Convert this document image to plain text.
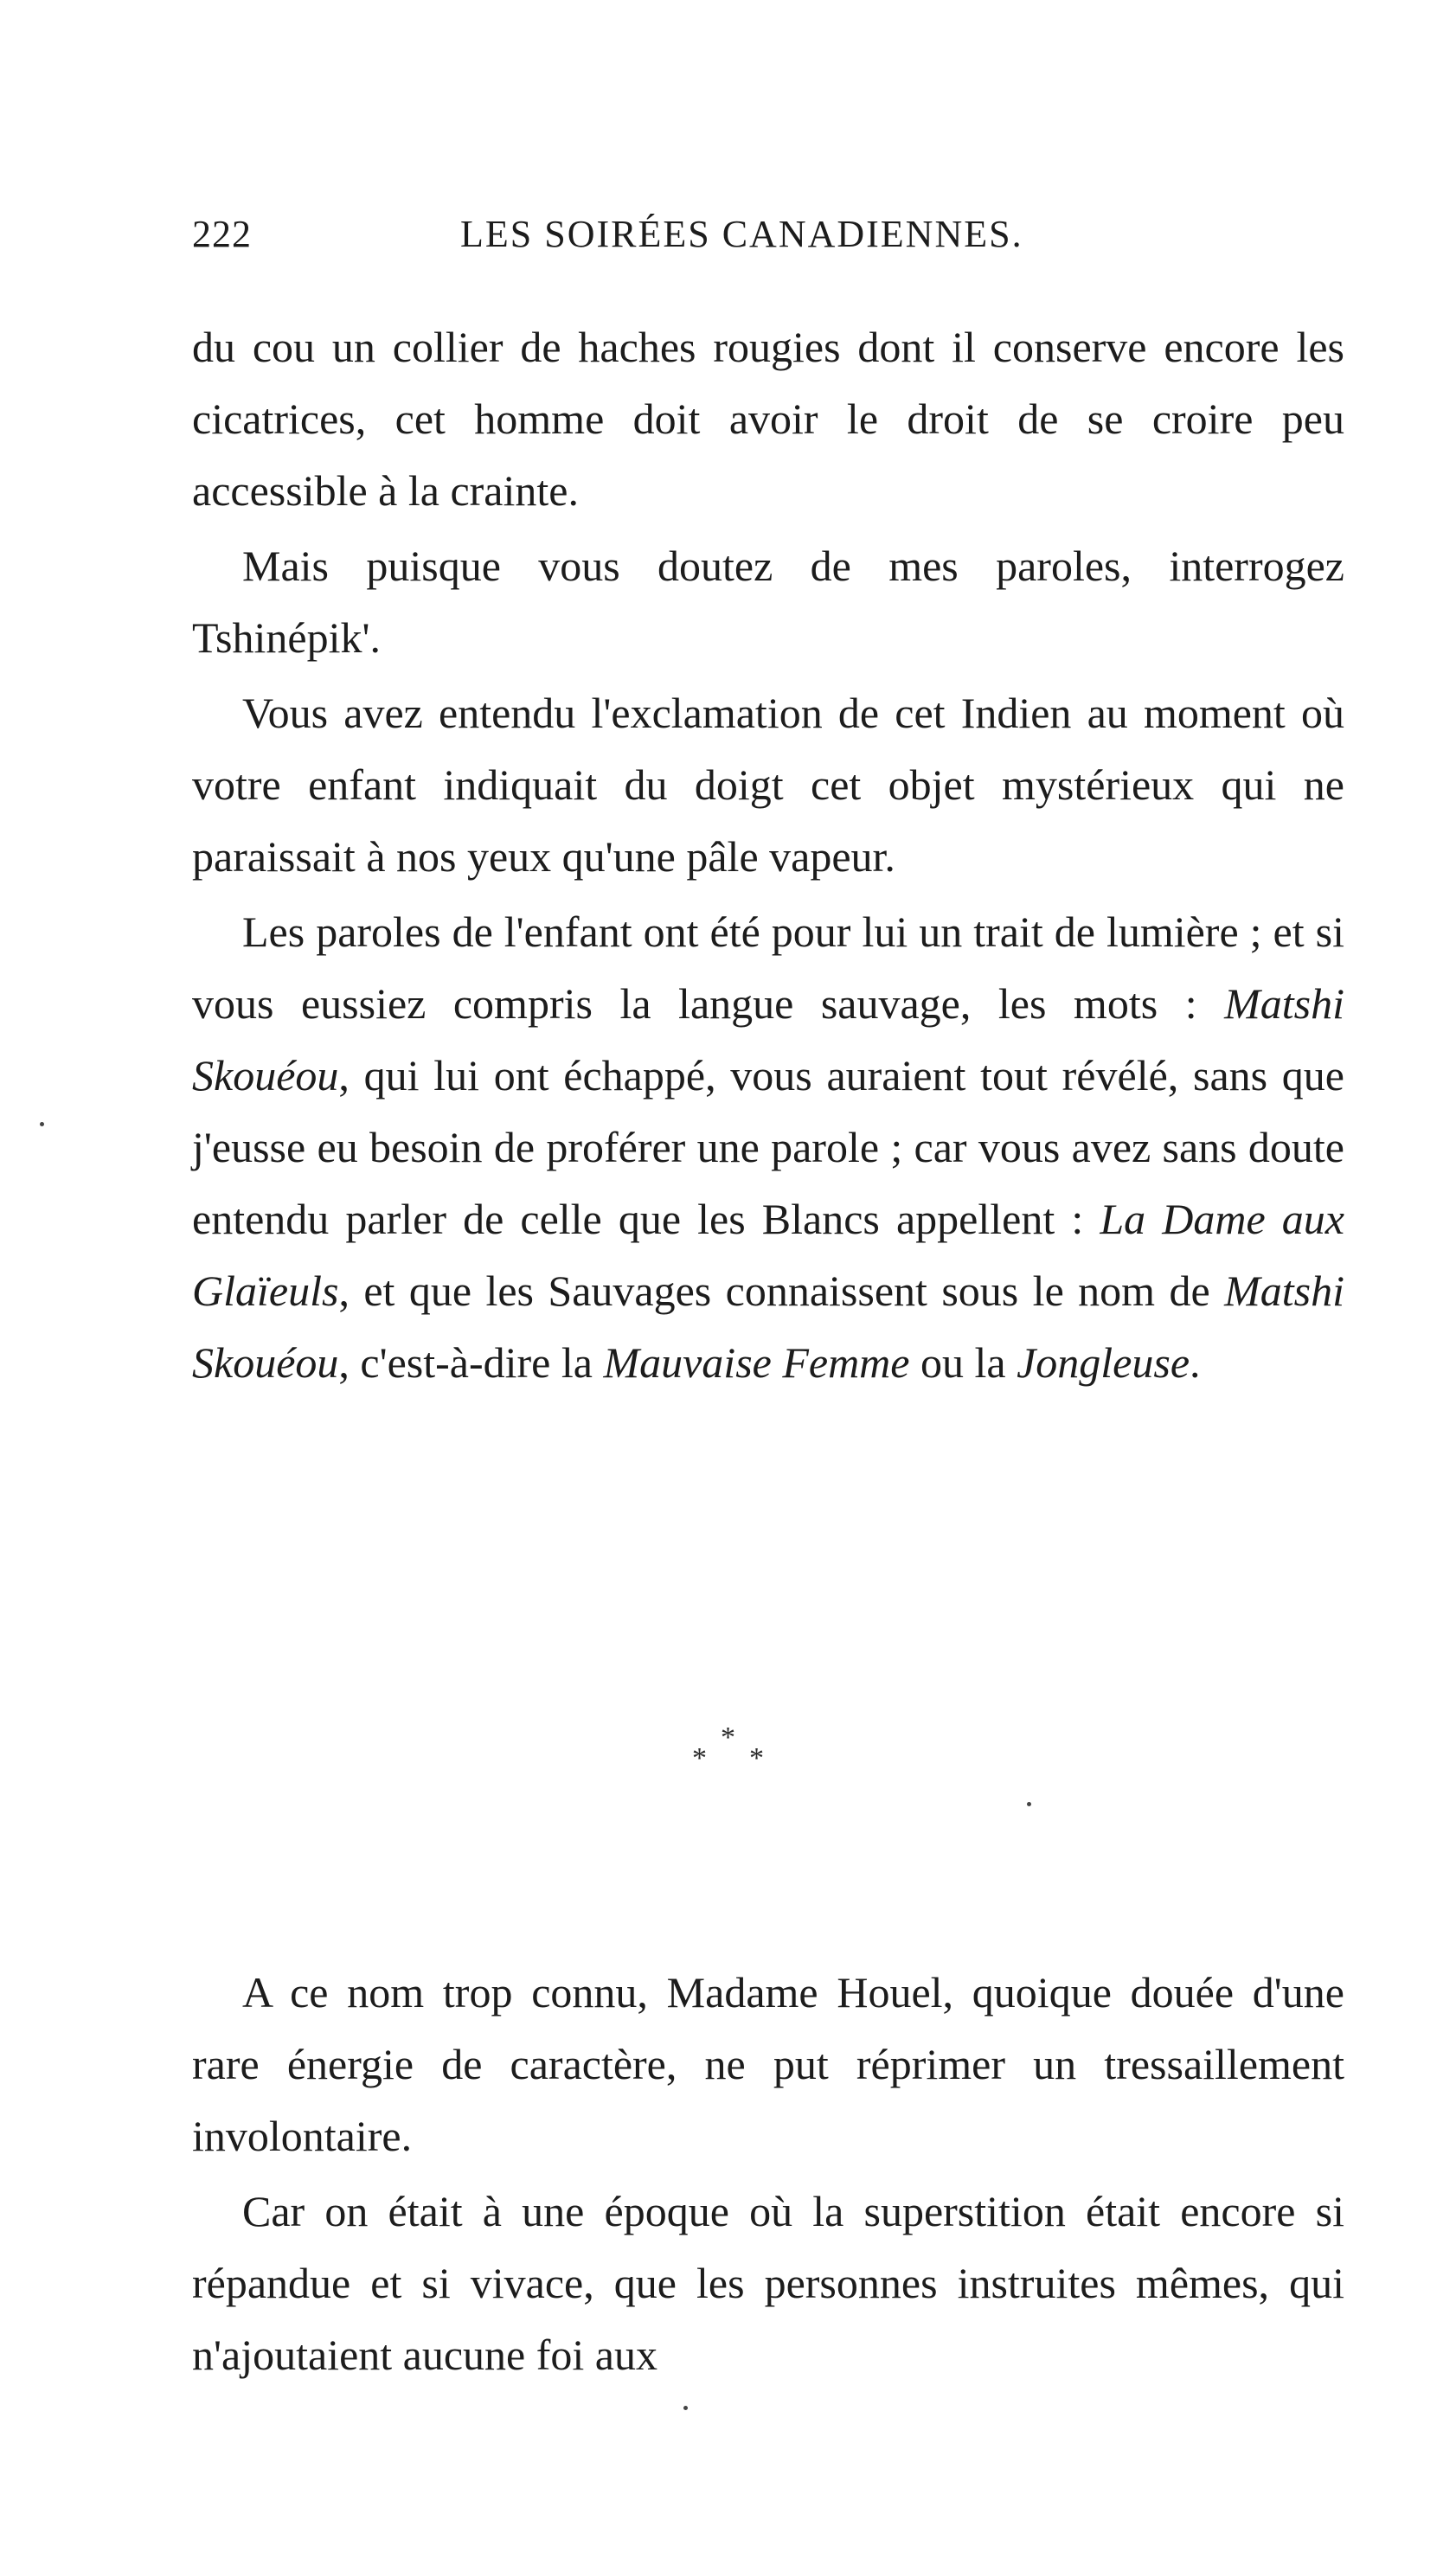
222	LES SOIRÉES CANADIENNES.

du cou un collier de haches rougies dont il conserve encore les cicatrices, cet homme doit avoir le droit de se croire peu accessible à la crainte.

Mais puisque vous doutez de mes paroles, interrogez Tshinépik'.

Vous avez entendu l'exclamation de cet Indien au moment où votre enfant indiquait du doigt cet objet mystérieux qui ne paraissait à nos yeux qu'une pâle vapeur.

Les paroles de l'enfant ont été pour lui un trait de lumière ; et si vous eussiez compris la langue sauvage, les mots : Matshi Skouéou, qui lui ont échappé, vous auraient tout révélé, sans que j'eusse eu besoin de proférer une parole ; car vous avez sans doute entendu parler de celle que les Blancs appellent : La Dame aux Glaïeuls, et que les Sauvages connaissent sous le nom de Matshi Skouéou, c'est-à-dire la Mauvaise Femme ou la Jongleuse.

*
* *

A ce nom trop connu, Madame Houel, quoique douée d'une rare énergie de caractère, ne put réprimer un tressaillement involontaire.

Car on était à une époque où la superstition était encore si répandue et si vivace, que les personnes instruites mêmes, qui n'ajoutaient aucune foi aux
